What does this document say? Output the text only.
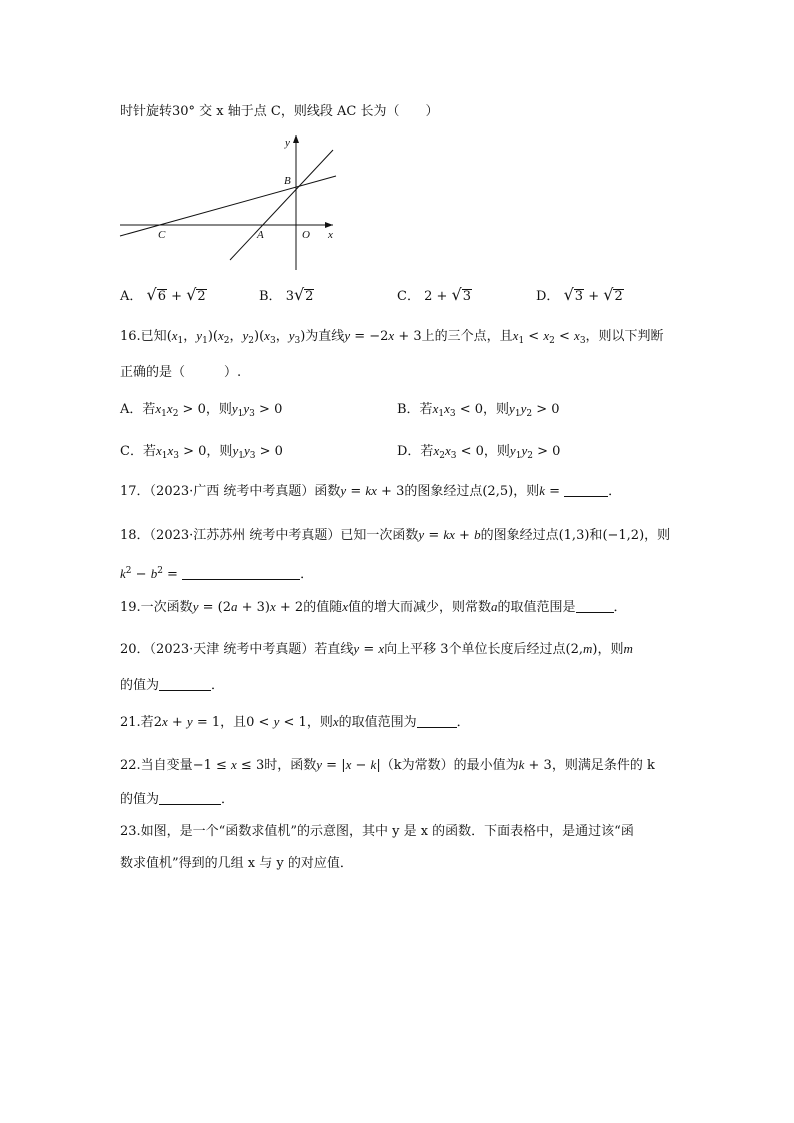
时针旋转30° 交 x 轴于点 C，则线段 AC 长为（　　）
y
x
B
C	A	O
A． √6 + √2	B． 3√2	C． 2 + √3	D． √3 + √2
16.已知($x_1$，$y_1)(x_2$，$y_2)(x_3$，$y_3$)为直线y = −2x + 3上的三个点，且$x_1 < x_2 < x_3$，则以下判断
正确的是（　　　）.
A．若$x_1x_2 > 0$，则$y_1y_3 > 0$	B．若$x_1x_3 < 0$，则$y_1y_2 > 0$
C．若$x_1x_3 > 0$，则$y_1y_3 > 0$	D．若$x_2x_3 < 0$，则$y_1y_2 > 0$
17．（2023·广西 统考中考真题）函数y = kx + 3的图象经过点(2,5)，则k =	．
18．（2023·江苏苏州 统考中考真题）已知一次函数y = kx + b的图象经过点(1,3)和(−1,2)，则
$k^2 - b^2$ =	．
19.一次函数y = (2a + 3)x + 2的值随x值的增大而减少，则常数a的取值范围是	．
20．（2023·天津 统考中考真题）若直线y = x向上平移 3个单位长度后经过点(2,m)，则m
的值为	．
21.若2x + y = 1，且0 < y < 1，则x的取值范围为	．
22.当自变量−1 ≤ x ≤ 3时，函数y = |x − k|（k为常数）的最小值为k + 3，则满足条件的 k
的值为	．
23.如图，是一个“函数求值机”的示意图，其中 y 是 x 的函数．下面表格中，是通过该“函
数求值机”得到的几组 x 与 y 的对应值．
